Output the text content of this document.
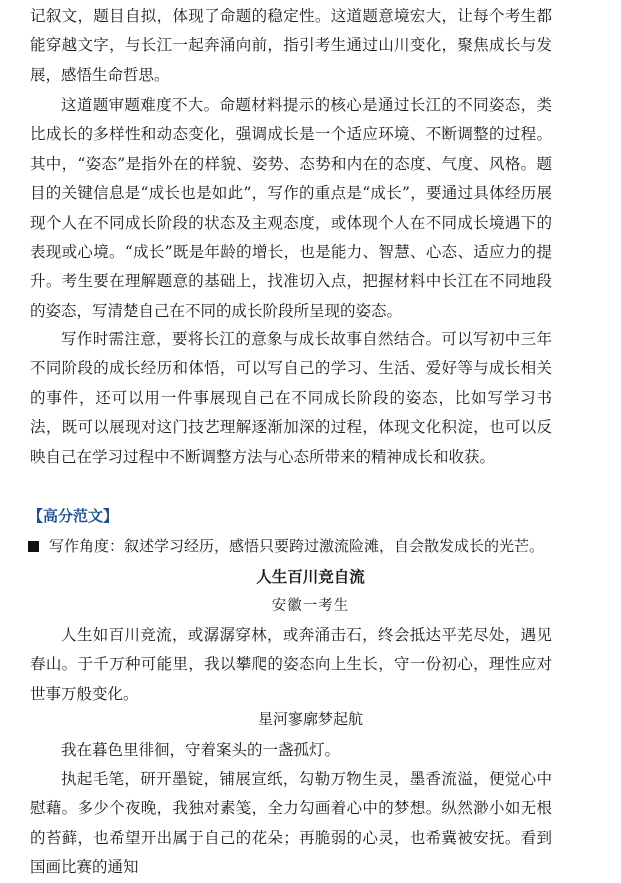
记叙文，题目自拟，体现了命题的稳定性。这道题意境宏大，让每个考生都能穿越文字，与长江一起奔涌向前，指引考生通过山川变化，聚焦成长与发展，感悟生命哲思。

这道题审题难度不大。命题材料提示的核心是通过长江的不同姿态，类比成长的多样性和动态变化，强调成长是一个适应环境、不断调整的过程。其中，“姿态”是指外在的样貌、姿势、态势和内在的态度、气度、风格。题目的关键信息是“成长也是如此”，写作的重点是“成长”，要通过具体经历展现个人在不同成长阶段的状态及主观态度，或体现个人在不同成长境遇下的表现或心境。“成长”既是年龄的增长，也是能力、智慧、心态、适应力的提升。考生要在理解题意的基础上，找准切入点，把握材料中长江在不同地段的姿态，写清楚自己在不同的成长阶段所呈现的姿态。

写作时需注意，要将长江的意象与成长故事自然结合。可以写初中三年不同阶段的成长经历和体悟，可以写自己的学习、生活、爱好等与成长相关的事件，还可以用一件事展现自己在不同成长阶段的姿态，比如写学习书法，既可以展现对这门技艺理解逐渐加深的过程，体现文化积淀，也可以反映自己在学习过程中不断调整方法与心态所带来的精神成长和收获。

【高分范文】

写作角度：叙述学习经历，感悟只要跨过激流险滩，自会散发成长的光芒。

人生百川竞自流

安徽一考生

人生如百川竞流，或潺潺穿林，或奔涌击石，终会抵达平芜尽处，遇见春山。于千万种可能里，我以攀爬的姿态向上生长，守一份初心，理性应对世事万般变化。

星河寥廓梦起航

我在暮色里徘徊，守着案头的一盏孤灯。

执起毛笔，研开墨锭，铺展宣纸，勾勒万物生灵，墨香流溢，便觉心中慰藉。多少个夜晚，我独对素笺，全力勾画着心中的梦想。纵然渺小如无根的苔藓，也希望开出属于自己的花朵；再脆弱的心灵，也希冀被安抚。看到国画比赛的通知
